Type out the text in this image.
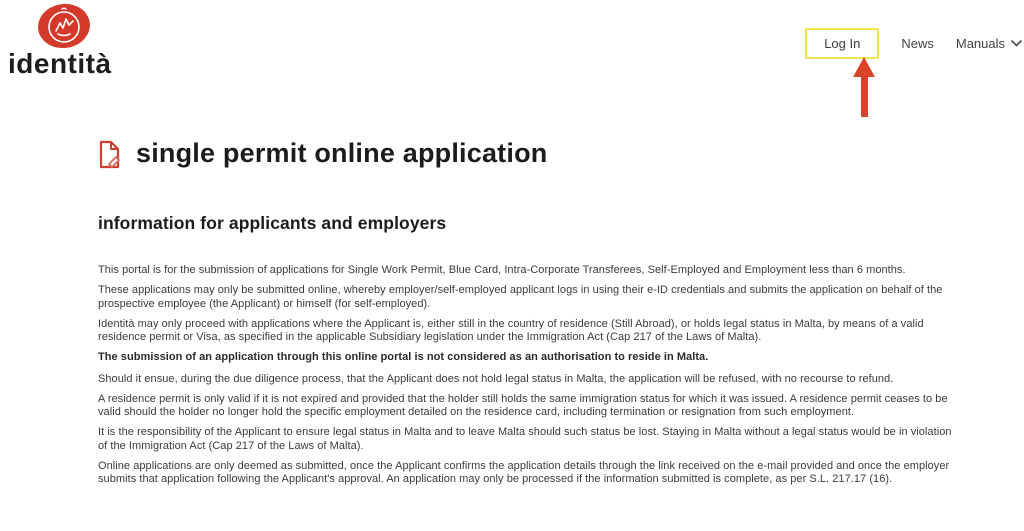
identità
Log In	News Manuals
single permit online application
information for applicants and employers

This portal is for the submission of applications for Single Work Permit, Blue Card, Intra-Corporate Transferees, Self-Employed and Employment less than 6 months.

These applications may only be submitted online, whereby employer/self-employed applicant logs in using their e-ID credentials and submits the application on behalf of the prospective employee (the Applicant) or himself (for self-employed).

Identità may only proceed with applications where the Applicant is, either still in the country of residence (Still Abroad), or holds legal status in Malta, by means of a valid residence permit or Visa, as specified in the applicable Subsidiary legislation under the Immigration Act (Cap 217 of the Laws of Malta).

The submission of an application through this online portal is not considered as an authorisation to reside in Malta.

Should it ensue, during the due diligence process, that the Applicant does not hold legal status in Malta, the application will be refused, with no recourse to refund.

A residence permit is only valid if it is not expired and provided that the holder still holds the same immigration status for which it was issued. A residence permit ceases to be valid should the holder no longer hold the specific employment detailed on the residence card, including termination or resignation from such employment.

It is the responsibility of the Applicant to ensure legal status in Malta and to leave Malta should such status be lost. Staying in Malta without a legal status would be in violation of the Immigration Act (Cap 217 of the Laws of Malta).

Online applications are only deemed as submitted, once the Applicant confirms the application details through the link received on the e-mail provided and once the employer submits that application following the Applicant's approval. An application may only be processed if the information submitted is complete, as per S.L. 217.17 (16).
